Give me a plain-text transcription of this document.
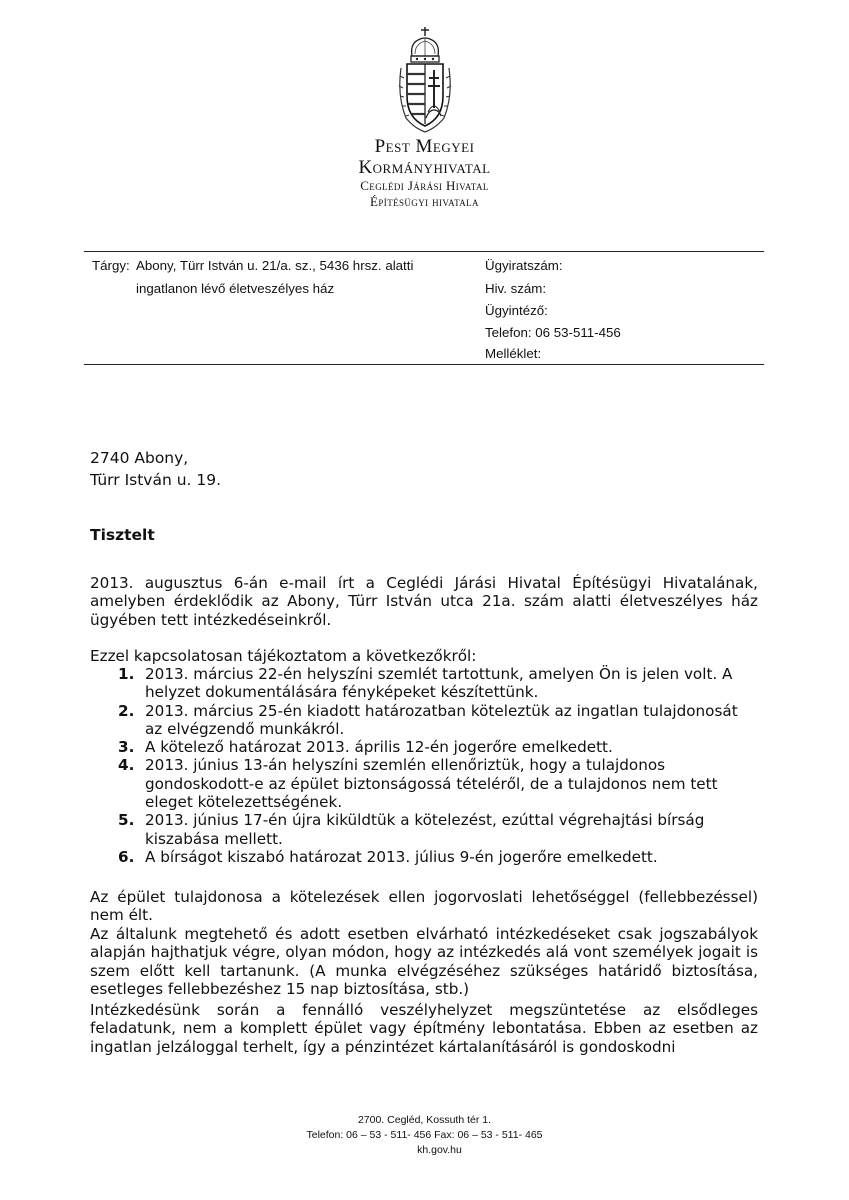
Pest Megyei
Kormányhivatal
Ceglédi Járási Hivatal
Építésügyi hivatala
Tárgy: Abony, Türr István u. 21/a. sz., 5436 hrsz. alatti
ingatlanon lévő életveszélyes ház
Ügyiratszám:
Hiv. szám:
Ügyintéző:
Telefon: 06 53-511-456
Melléklet:
2740 Abony,
Türr István u. 19.
Tisztelt
2013. augusztus 6-án e-mail írt a Ceglédi Járási Hivatal Építésügyi Hivatalának, amelyben érdeklődik az Abony, Türr István utca 21a. szám alatti életveszélyes ház ügyében tett intézkedéseinkről.
Ezzel kapcsolatosan tájékoztatom a következőkről:
1. 2013. március 22-én helyszíni szemlét tartottunk, amelyen Ön is jelen volt. A helyzet dokumentálására fényképeket készítettünk.
2. 2013. március 25-én kiadott határozatban köteleztük az ingatlan tulajdonosát az elvégzendő munkákról.
3. A kötelező határozat 2013. április 12-én jogerőre emelkedett.
4. 2013. június 13-án helyszíni szemlén ellenőriztük, hogy a tulajdonos gondoskodott-e az épület biztonságossá tételéről, de a tulajdonos nem tett eleget kötelezettségének.
5. 2013. június 17-én újra kiküldtük a kötelezést, ezúttal végrehajtási bírság kiszabása mellett.
6. A bírságot kiszabó határozat 2013. július 9-én jogerőre emelkedett.
Az épület tulajdonosa a kötelezések ellen jogorvoslati lehetőséggel (fellebbezéssel) nem élt.
Az általunk megtehető és adott esetben elvárható intézkedéseket csak jogszabályok alapján hajthatjuk végre, olyan módon, hogy az intézkedés alá vont személyek jogait is szem előtt kell tartanunk. (A munka elvégzéséhez szükséges határidő biztosítása, esetleges fellebbezéshez 15 nap biztosítása, stb.)
Intézkedésünk során a fennálló veszélyhelyzet megszüntetése az elsődleges feladatunk, nem a komplett épület vagy építmény lebontatása. Ebben az esetben az ingatlan jelzáloggal terhelt, így a pénzintézet kártalanításáról is gondoskodni
2700. Cegléd, Kossuth tér 1.
Telefon: 06 – 53 - 511- 456 Fax: 06 – 53 - 511- 465
kh.gov.hu
